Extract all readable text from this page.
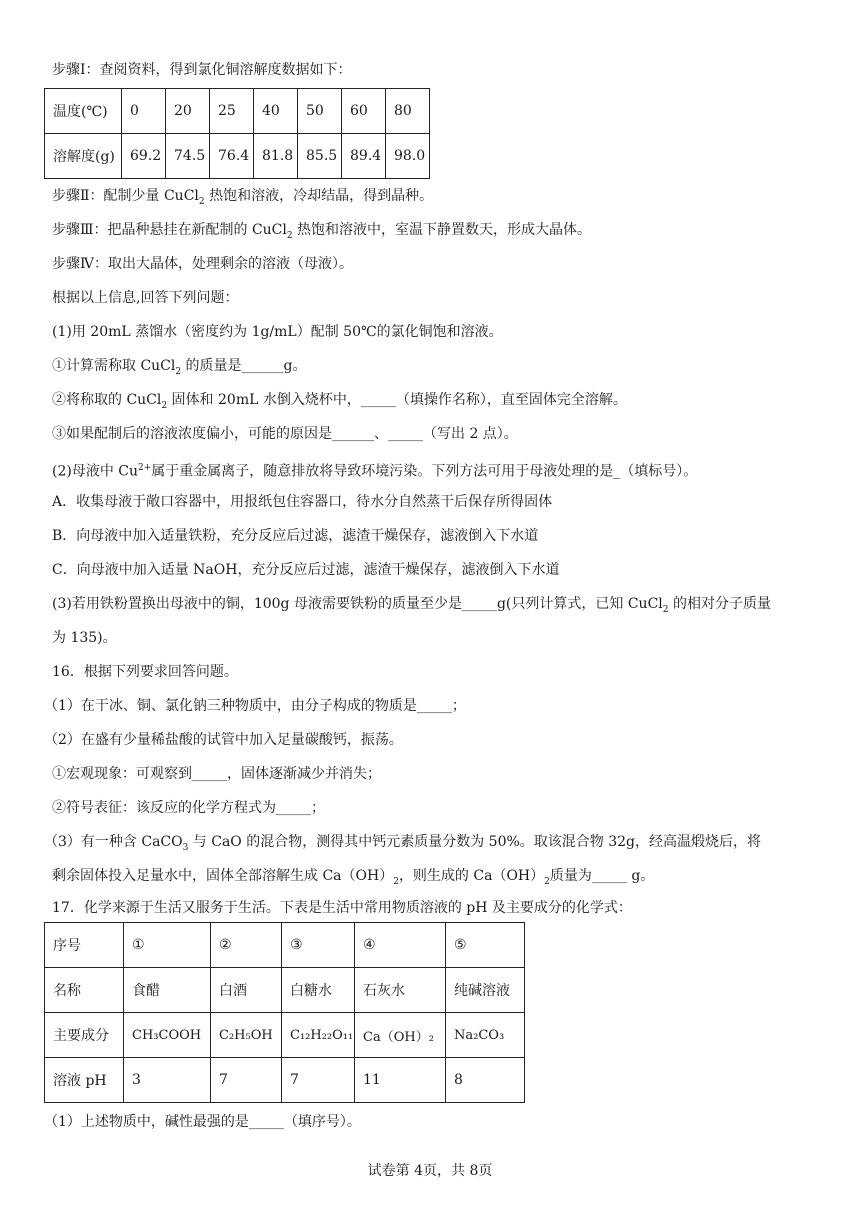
步骤Ⅰ：查阅资料，得到氯化铜溶解度数据如下：
温度(℃)	0	20	25	40	50	60	80
溶解度(g)	69.2	74.5	76.4	81.8	85.5	89.4	98.0
步骤Ⅱ：配制少量 CuCl$_2$ 热饱和溶液，冷却结晶，得到晶种。
步骤Ⅲ：把晶种悬挂在新配制的 CuCl$_2$ 热饱和溶液中，室温下静置数天，形成大晶体。
步骤Ⅳ：取出大晶体，处理剩余的溶液（母液）。
根据以上信息,回答下列问题：
(1)用 20mL 蒸馏水（密度约为 1g/mL）配制 50℃的氯化铜饱和溶液。
①计算需称取 CuCl$_2$ 的质量是______g。
②将称取的 CuCl$_2$ 固体和 20mL 水倒入烧杯中，_____（填操作名称），直至固体完全溶解。
③如果配制后的溶液浓度偏小，可能的原因是______、_____（写出 2 点）。
(2)母液中 $Cu^{2+}$属于重金属离子，随意排放将导致环境污染。下列方法可用于母液处理的是_（填标号）。
A．收集母液于敞口容器中，用报纸包住容器口，待水分自然蒸干后保存所得固体
B．向母液中加入适量铁粉，充分反应后过滤，滤渣干燥保存，滤液倒入下水道
C．向母液中加入适量 NaOH，充分反应后过滤，滤渣干燥保存，滤液倒入下水道
(3)若用铁粉置换出母液中的铜，100g 母液需要铁粉的质量至少是_____g(只列计算式，已知 CuCl$_2$ 的相对分子质量
为 135)。
16．根据下列要求回答问题。
（1）在干冰、铜、氯化钠三种物质中，由分子构成的物质是_____；
（2）在盛有少量稀盐酸的试管中加入足量碳酸钙，振荡。
①宏观现象：可观察到_____，固体逐渐减少并消失；
②符号表征：该反应的化学方程式为_____；
（3）有一种含 CaCO$_3$ 与 CaO 的混合物，测得其中钙元素质量分数为 50%。取该混合物 32g，经高温煅烧后，将
剩余固体投入足量水中，固体全部溶解生成 $Ca(OH)_2$，则生成的 $Ca(OH)_2$质量为_____ g。
17．化学来源于生活又服务于生活。下表是生活中常用物质溶液的 pH 及主要成分的化学式：
序号	①	②	③	④	⑤
名称	食醋	白酒	白糖水	石灰水	纯碱溶液
主要成分	CH₃COOH	C₂H₅OH	C₁₂H₂₂O₁₁	Ca（OH）₂	Na₂CO₃
溶液 pH	3	7	7	11	8
（1）上述物质中，碱性最强的是_____（填序号）。
试卷第 4页，共 8页
